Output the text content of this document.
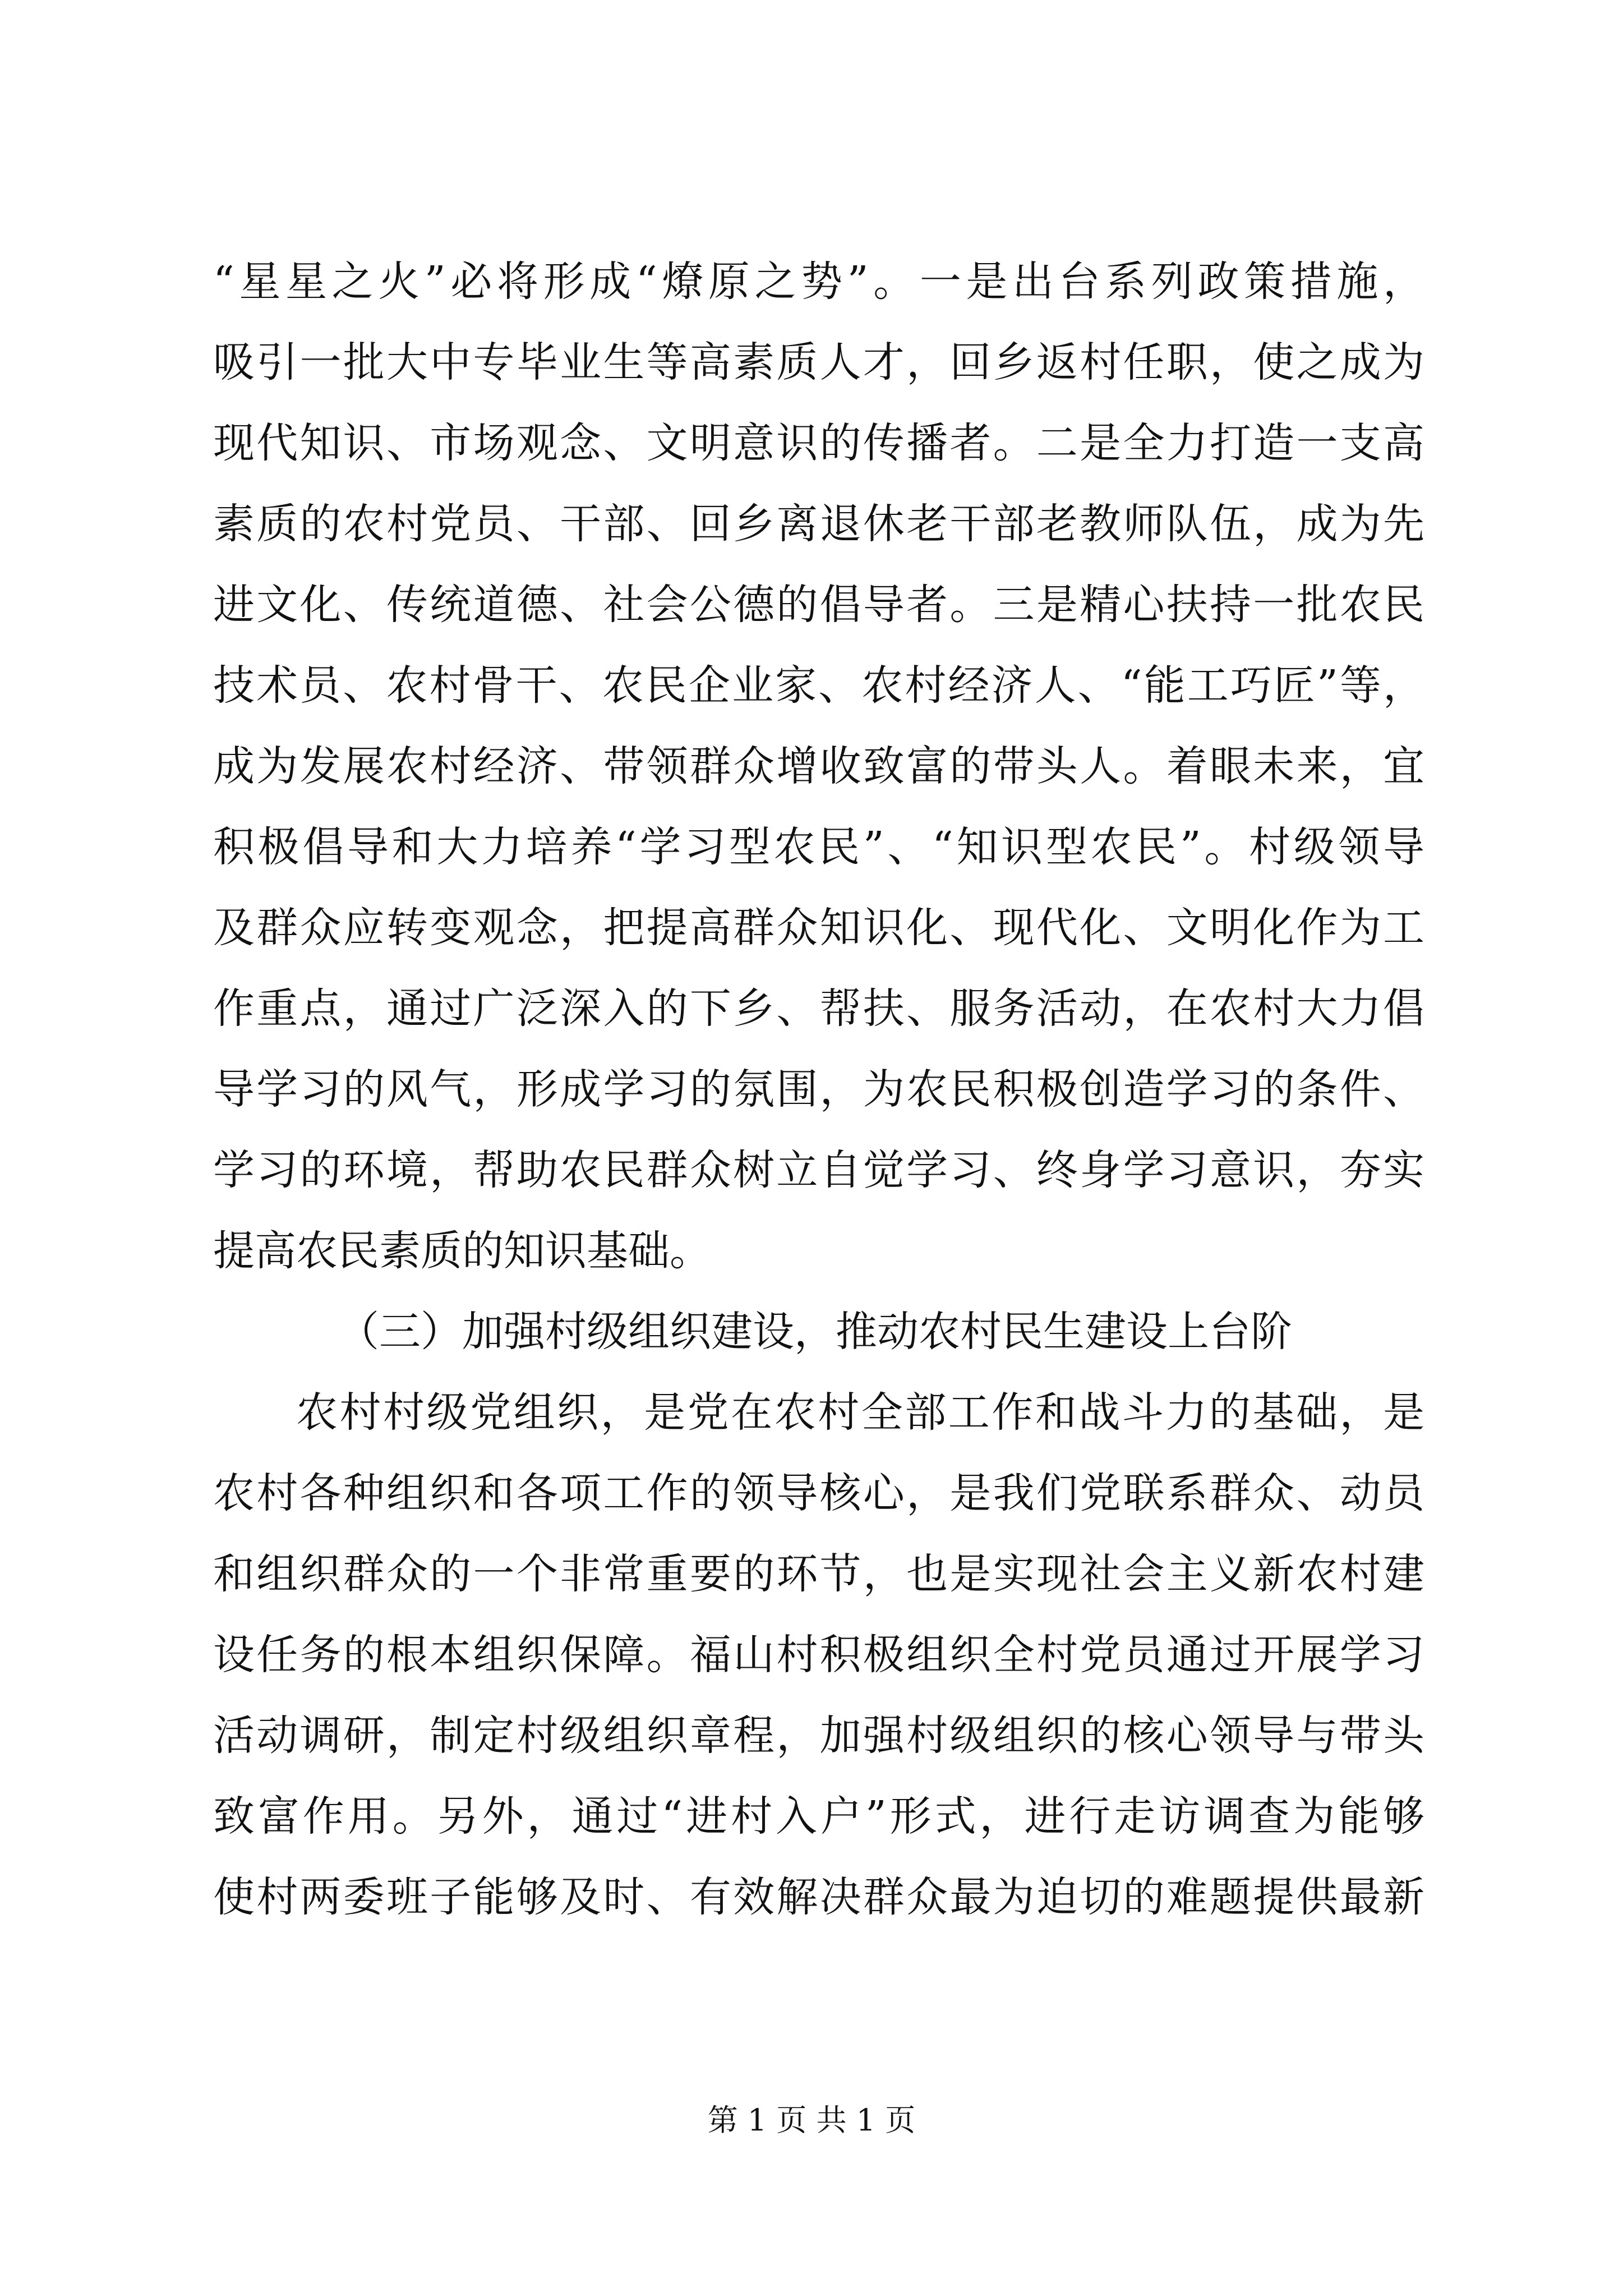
“星星之火”必将形成“燎原之势”。一是出台系列政策措施，
吸引一批大中专毕业生等高素质人才，回乡返村任职，使之成为
现代知识、市场观念、文明意识的传播者。二是全力打造一支高
素质的农村党员、干部、回乡离退休老干部老教师队伍，成为先
进文化、传统道德、社会公德的倡导者。三是精心扶持一批农民
技术员、农村骨干、农民企业家、农村经济人、“能工巧匠”等，
成为发展农村经济、带领群众增收致富的带头人。着眼未来，宜
积极倡导和大力培养“学习型农民”、“知识型农民”。村级领导
及群众应转变观念，把提高群众知识化、现代化、文明化作为工
作重点，通过广泛深入的下乡、帮扶、服务活动，在农村大力倡
导学习的风气，形成学习的氛围，为农民积极创造学习的条件、
学习的环境，帮助农民群众树立自觉学习、终身学习意识，夯实
提高农民素质的知识基础。
（三）加强村级组织建设，推动农村民生建设上台阶
农村村级党组织，是党在农村全部工作和战斗力的基础，是
农村各种组织和各项工作的领导核心，是我们党联系群众、动员
和组织群众的一个非常重要的环节，也是实现社会主义新农村建
设任务的根本组织保障。福山村积极组织全村党员通过开展学习
活动调研，制定村级组织章程，加强村级组织的核心领导与带头
致富作用。另外，通过“进村入户”形式，进行走访调查为能够
使村两委班子能够及时、有效解决群众最为迫切的难题提供最新
第 1 页 共 1 页
